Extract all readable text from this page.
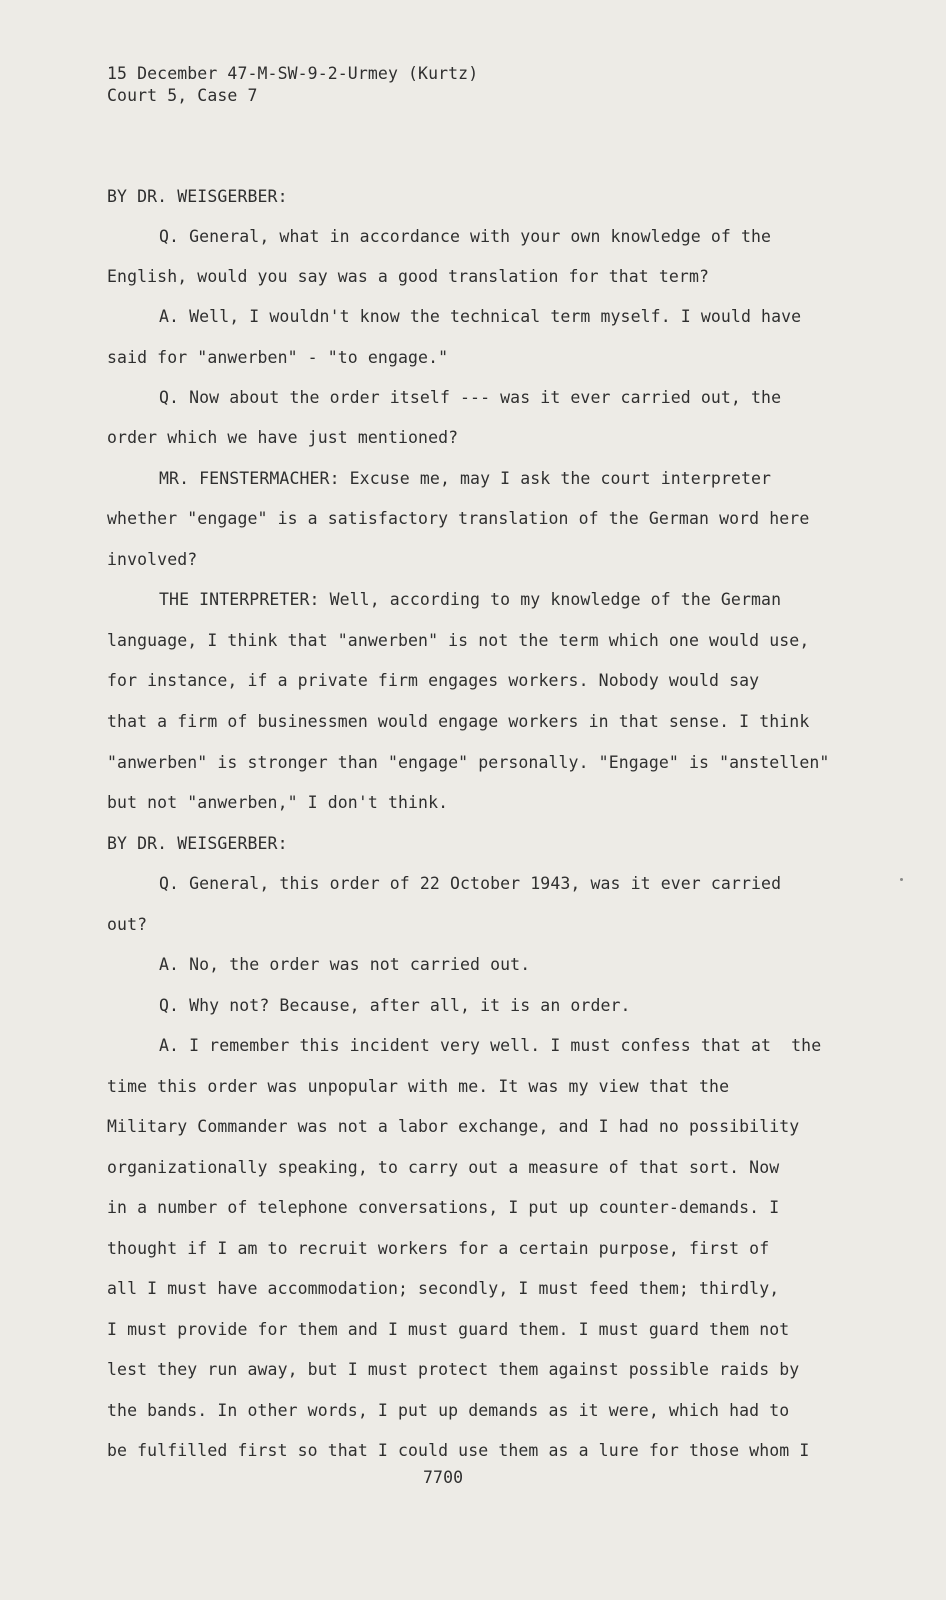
15 December 47-M-SW-9-2-Urmey (Kurtz)
Court 5, Case 7
BY DR. WEISGERBER:
Q. General, what in accordance with your own knowledge of the
English, would you say was a good translation for that term?
A. Well, I wouldn't know the technical term myself. I would have
said for "anwerben" - "to engage."
Q. Now about the order itself --- was it ever carried out, the
order which we have just mentioned?
MR. FENSTERMACHER: Excuse me, may I ask the court interpreter
whether "engage" is a satisfactory translation of the German word here
involved?
THE INTERPRETER: Well, according to my knowledge of the German
language, I think that "anwerben" is not the term which one would use,
for instance, if a private firm engages workers. Nobody would say
that a firm of businessmen would engage workers in that sense. I think
"anwerben" is stronger than "engage" personally. "Engage" is "anstellen"
but not "anwerben," I don't think.
BY DR. WEISGERBER:
Q. General, this order of 22 October 1943, was it ever carried
out?
A. No, the order was not carried out.
Q. Why not? Because, after all, it is an order.
A. I remember this incident very well. I must confess that at  the
time this order was unpopular with me. It was my view that the
Military Commander was not a labor exchange, and I had no possibility
organizationally speaking, to carry out a measure of that sort. Now
in a number of telephone conversations, I put up counter-demands. I
thought if I am to recruit workers for a certain purpose, first of
all I must have accommodation; secondly, I must feed them; thirdly,
I must provide for them and I must guard them. I must guard them not
lest they run away, but I must protect them against possible raids by
the bands. In other words, I put up demands as it were, which had to
be fulfilled first so that I could use them as a lure for those whom I
7700
